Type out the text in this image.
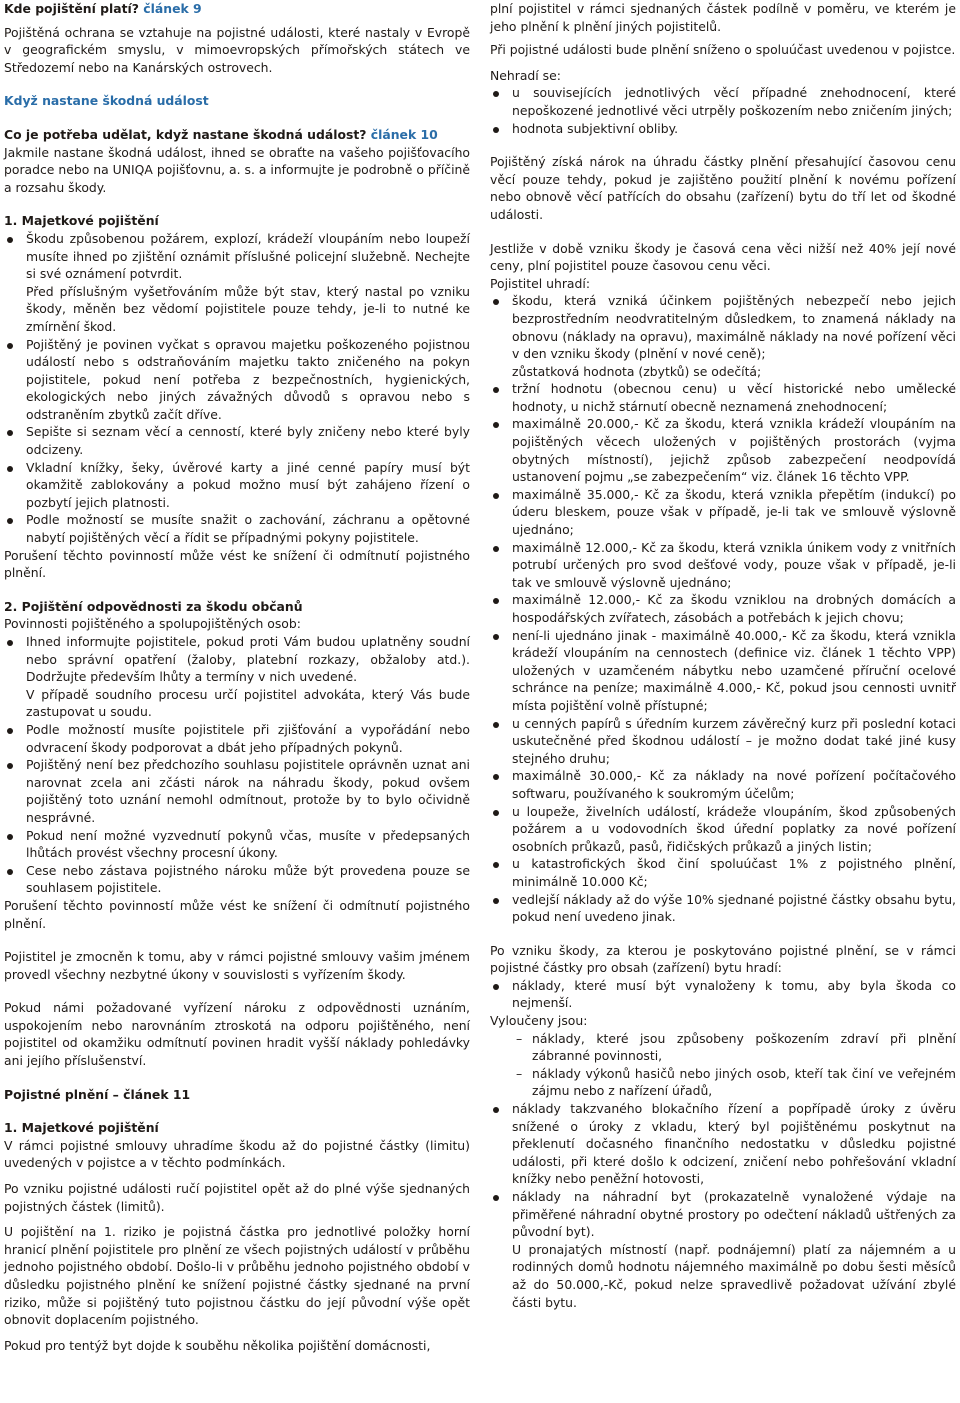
Kde pojištění platí? článek 9

Pojištěná ochrana se vztahuje na pojistné události, které nastaly v Evropě v geografickém smyslu, v mimoevropských přímořských státech ve Středozemí nebo na Kanárských ostrovech.

Když nastane škodná událost

Co je potřeba udělat, když nastane škodná událost? článek 10

Jakmile nastane škodná událost, ihned se obraťte na vašeho pojišťovacího poradce nebo na UNIQA pojišťovnu, a. s. a informujte je podrobně o příčině a rozsahu škody.

1. Majetkové pojištění

Škodu způsobenou požárem, explozí, krádeží vloupáním nebo loupeží musíte ihned po zjištění oznámit příslušné policejní služebně. Nechejte si své oznámení potvrdit.
Před příslušným vyšetřováním může být stav, který nastal po vzniku škody, měněn bez vědomí pojistitele pouze tehdy, je-li to nutné ke zmírnění škod.
Pojištěný je povinen vyčkat s opravou majetku poškozeného pojistnou událostí nebo s odstraňováním majetku takto zničeného na pokyn pojistitele, pokud není potřeba z bezpečnostních, hygienických, ekologických nebo jiných závažných důvodů s opravou nebo s odstraněním zbytků začít dříve.
Sepište si seznam věcí a cenností, které byly zničeny nebo které byly odcizeny.
Vkladní knížky, šeky, úvěrové karty a jiné cenné papíry musí být okamžitě zablokovány a pokud možno musí být zahájeno řízení o pozbytí jejich platnosti.
Podle možností se musíte snažit o zachování, záchranu a opětovné nabytí pojištěných věcí a řídit se případnými pokyny pojistitele.

Porušení těchto povinností může vést ke snížení či odmítnutí pojistného plnění.

2. Pojištění odpovědnosti za škodu občanů

Povinnosti pojištěného a spolupojištěných osob:

Ihned informujte pojistitele, pokud proti Vám budou uplatněny soudní nebo správní opatření (žaloby, platební rozkazy, obžaloby atd.). Dodržujte především lhůty a termíny v nich uvedené.
V případě soudního procesu určí pojistitel advokáta, který Vás bude zastupovat u soudu.
Podle možností musíte pojistitele při zjišťování a vypořádání nebo odvracení škody podporovat a dbát jeho případných pokynů.
Pojištěný není bez předchozího souhlasu pojistitele oprávněn uznat ani narovnat zcela ani zčásti nárok na náhradu škody, pokud ovšem pojištěný toto uznání nemohl odmítnout, protože by to bylo očividně nesprávné.
Pokud není možné vyzvednutí pokynů včas, musíte v předepsaných lhůtách provést všechny procesní úkony.
Cese nebo zástava pojistného nároku může být provedena pouze se souhlasem pojistitele.

Porušení těchto povinností může vést ke snížení či odmítnutí pojistného plnění.

Pojistitel je zmocněn k tomu, aby v rámci pojistné smlouvy vašim jménem provedl všechny nezbytné úkony v souvislosti s vyřízením škody.

Pokud námi požadované vyřízení nároku z odpovědnosti uznáním, uspokojením nebo narovnáním ztroskotá na odporu pojištěného, není pojistitel od okamžiku odmítnutí povinen hradit vyšší náklady pohledávky ani jejího příslušenství.

Pojistné plnění – článek 11

1. Majetkové pojištění

V rámci pojistné smlouvy uhradíme škodu až do pojistné částky (limitu) uvedených v pojistce a v těchto podmínkách.

Po vzniku pojistné události ručí pojistitel opět až do plné výše sjednaných pojistných částek (limitů).

U pojištění na 1. riziko je pojistná částka pro jednotlivé položky horní hranicí plnění pojistitele pro plnění ze všech pojistných událostí v průběhu jednoho pojistného období. Došlo-li v průběhu jednoho pojistného období v důsledku pojistného plnění ke snížení pojistné částky sjednané na první riziko, může si pojištěný tuto pojistnou částku do její původní výše opět obnovit doplacením pojistného.

Pokud pro tentýž byt dojde k souběhu několika pojištění domácnosti,

plní pojistitel v rámci sjednaných částek podílně v poměru, ve kterém je jeho plnění k plnění jiných pojistitelů.

Při pojistné události bude plnění sníženo o spoluúčast uvedenou v pojistce.

Nehradí se:

u souvisejících jednotlivých věcí případné znehodnocení, které nepoškozené jednotlivé věci utrpěly poškozením nebo zničením jiných;
hodnota subjektivní obliby.

Pojištěný získá nárok na úhradu částky plnění přesahující časovou cenu věcí pouze tehdy, pokud je zajištěno použití plnění k novému pořízení nebo obnově věcí patřících do obsahu (zařízení) bytu do tří let od škodné události.

Jestliže v době vzniku škody je časová cena věci nižší než 40% její nové ceny, plní pojistitel pouze časovou cenu věci.

Pojistitel uhradí:

škodu, která vzniká účinkem pojištěných nebezpečí nebo jejich bezprostředním neodvratitelným důsledkem, to znamená náklady na obnovu (náklady na opravu), maximálně náklady na nové pořízení věci v den vzniku škody (plnění v nové ceně);
zůstatková hodnota (zbytků) se odečítá;
tržní hodnotu (obecnou cenu) u věcí historické nebo umělecké hodnoty, u nichž stárnutí obecně neznamená znehodnocení;
maximálně 20.000,- Kč za škodu, která vznikla krádeží vloupáním na pojištěných věcech uložených v pojištěných prostorách (vyjma obytných místností), jejichž způsob zabezpečení neodpovídá ustanovení pojmu „se zabezpečením“ viz. článek 16 těchto VPP.
maximálně 35.000,- Kč za škodu, která vznikla přepětím (indukcí) po úderu bleskem, pouze však v případě, je-li tak ve smlouvě výslovně ujednáno;
maximálně 12.000,- Kč za škodu, která vznikla únikem vody z vnitřních potrubí určených pro svod dešťové vody, pouze však v případě, je-li tak ve smlouvě výslovně ujednáno;
maximálně 12.000,- Kč za škodu vzniklou na drobných domácích a hospodářských zvířatech, zásobách a potřebách k jejich chovu;
není-li ujednáno jinak - maximálně 40.000,- Kč za škodu, která vznikla krádeží vloupáním na cennostech (definice viz. článek 1 těchto VPP) uložených v uzamčeném nábytku nebo uzamčené příruční ocelové schránce na peníze; maximálně 4.000,- Kč, pokud jsou cennosti uvnitř místa pojištění volně přístupné;
u cenných papírů s úředním kurzem závěrečný kurz při poslední kotaci uskutečněné před škodnou událostí – je možno dodat také jiné kusy stejného druhu;
maximálně 30.000,- Kč za náklady na nové pořízení počítačového softwaru, používaného k soukromým účelům;
u loupeže, živelních událostí, krádeže vloupáním, škod způsobených požárem a u vodovodních škod úřední poplatky za nové pořízení osobních průkazů, pasů, řidičských průkazů a jiných listin;
u katastrofických škod činí spoluúčast 1% z pojistného plnění, minimálně 10.000 Kč;
vedlejší náklady až do výše 10% sjednané pojistné částky obsahu bytu, pokud není uvedeno jinak.

Po vzniku škody, za kterou je poskytováno pojistné plnění, se v rámci pojistné částky pro obsah (zařízení) bytu hradí:

náklady, které musí být vynaloženy k tomu, aby byla škoda co nejmenší.

Vyloučeny jsou:

– náklady, které jsou způsobeny poškozením zdraví při plnění zábranné povinnosti,
– náklady výkonů hasičů nebo jiných osob, kteří tak činí ve veřejném zájmu nebo z nařízení úřadů,
náklady takzvaného blokačního řízení a popřípadě úroky z úvěru snížené o úroky z vkladu, který byl pojištěnému poskytnut na překlenutí dočasného finančního nedostatku v důsledku pojistné události, při které došlo k odcizení, zničení nebo pohřešování vkladní knížky nebo peněžní hotovosti,
náklady na náhradní byt (prokazatelně vynaložené výdaje na přiměřené náhradní obytné prostory po odečtení nákladů uštřených za původní byt).

U pronajatých místností (např. podnájemní) platí za nájemném a u rodinných domů hodnotu nájemného maximálně po dobu šesti měsíců až do 50.000,-Kč, pokud nelze spravedlivě požadovat užívání zbylé části bytu.
